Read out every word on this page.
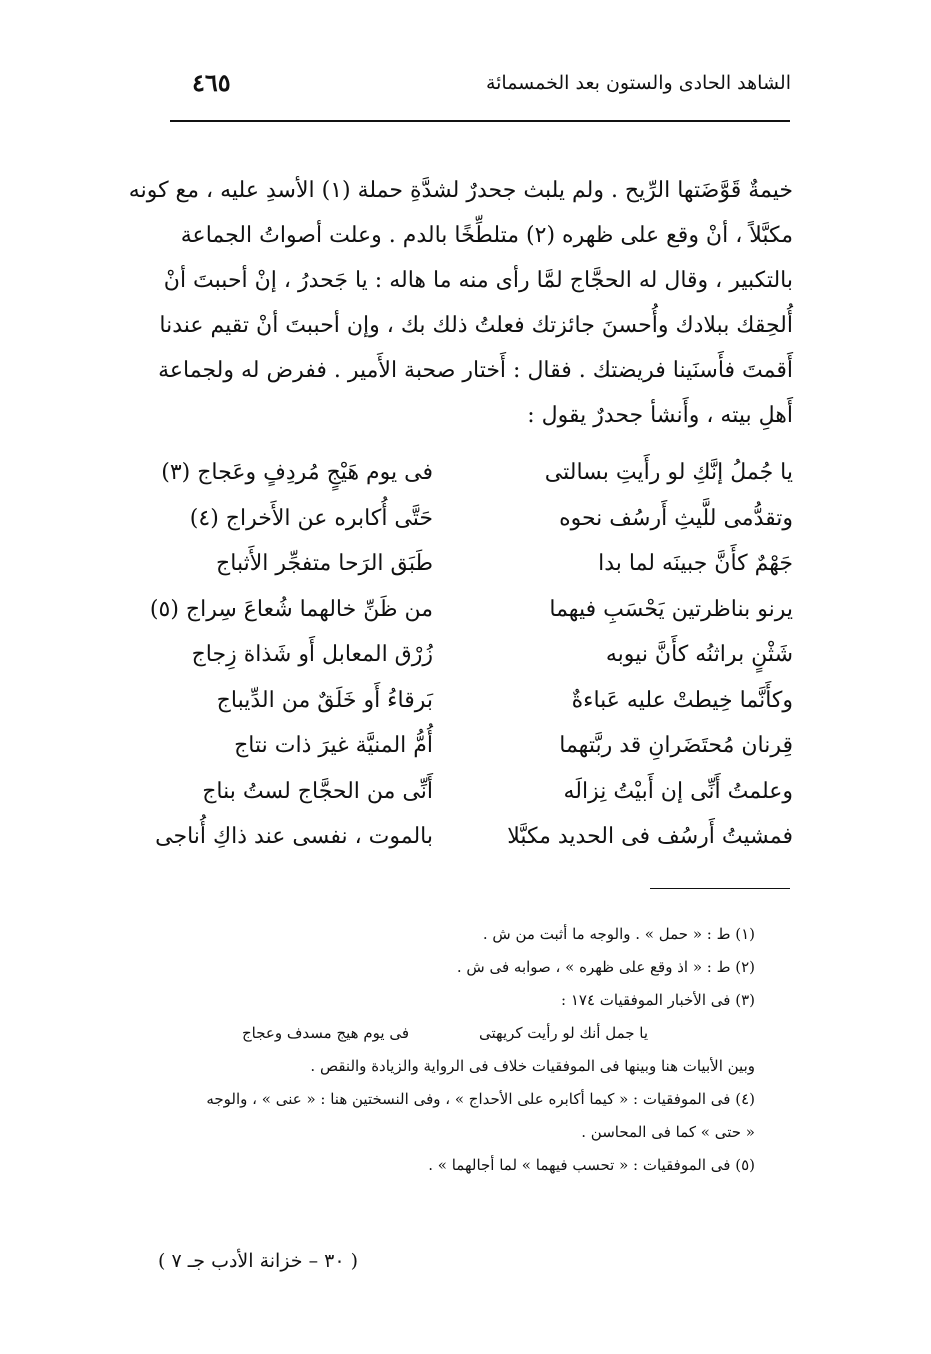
الشاهد الحادى والستون بعد الخمسمائة
٤٦٥
خيمةٌ قَوَّضَتها الرِّيح . ولم يلبث جحدرٌ لشدَّةِ حملة (١) الأسدِ عليه ، مع كونه
مكبَّلاً ، أنْ وقع على ظهره (٢) متلطِّخًا بالدم . وعلت أصواتُ الجماعة
بالتكبير ، وقال له الحجَّاج لمَّا رأى منه ما هاله : يا جَحدرُ ، إنْ أحببتَ أنْ
أُلحِقك ببلادك وأُحسنَ جائزتك فعلتُ ذلك بك ، وإن أحببتَ أنْ تقيم عندنا
أَقمتَ فأَسنَينا فريضتك . فقال : أَختار صحبة الأَمير . ففرض له ولجماعة
أَهلِ بيته ، وأَنشأ جحدرٌ يقول :
يا جُملُ إنَّكِ لو رأَيتِ بسالتى
فى يوم هَيْجٍ مُردِفٍ وعَجاج (٣)
وتقدُّمى للَّيثِ أَرسُف نحوه
حَتَّى أُكابره عن الأَخراج (٤)
جَهْمٌ كأَنَّ جبينَه لما بدا
طَبَق الرَحا متفجِّر الأَثباج
يرنو بناظرتين يَحْسَبِ فيهما
من ظَنِّ خالهما شُعاعَ سِراج (٥)
شَثْنٍ براثنُه كأَنَّ نيوبه
زُرْق المعابل أَو شَذاة زِجاج
وكأَنَّما خِيطتْ عليه عَباءةٌ
بَرقاءُ أَو خَلَقٌ من الدِّيباج
قِرنان مُحتَضَرانِ قد ربَّتهما
أُمُّ المنيَّة غيرَ ذات نتاج
وعلمتُ أَنِّى إن أَبيْتُ نِزالَه
أَنِّى من الحجَّاج لستُ بناج
فمشيتُ أَرسُف فى الحديد مكبَّلا
بالموت ، نفسى عند ذاكِ أُناجى
(١) ط : « حمل » . والوجه ما أثبت من ش .
(٢) ط : « اذ وقع على ظهره » ، صوابه فى ش .
(٣) فى الأخبار الموفقيات ١٧٤ :
يا جمل أنك لو رأيت كريهتى
فى يوم هيج مسدف وعجاج
وبين الأبيات هنا وبينها فى الموفقيات خلاف فى الرواية والزيادة والنقص .
(٤) فى الموفقيات : « كيما أكابره على الأحداج » ، وفى النسختين هنا : « عنى » ، والوجه
« حتى » كما فى المحاسن .
(٥) فى الموفقيات : « تحسب فيهما » لما أجالهما » .
( ٣٠ – خزانة الأدب جـ ٧ )
